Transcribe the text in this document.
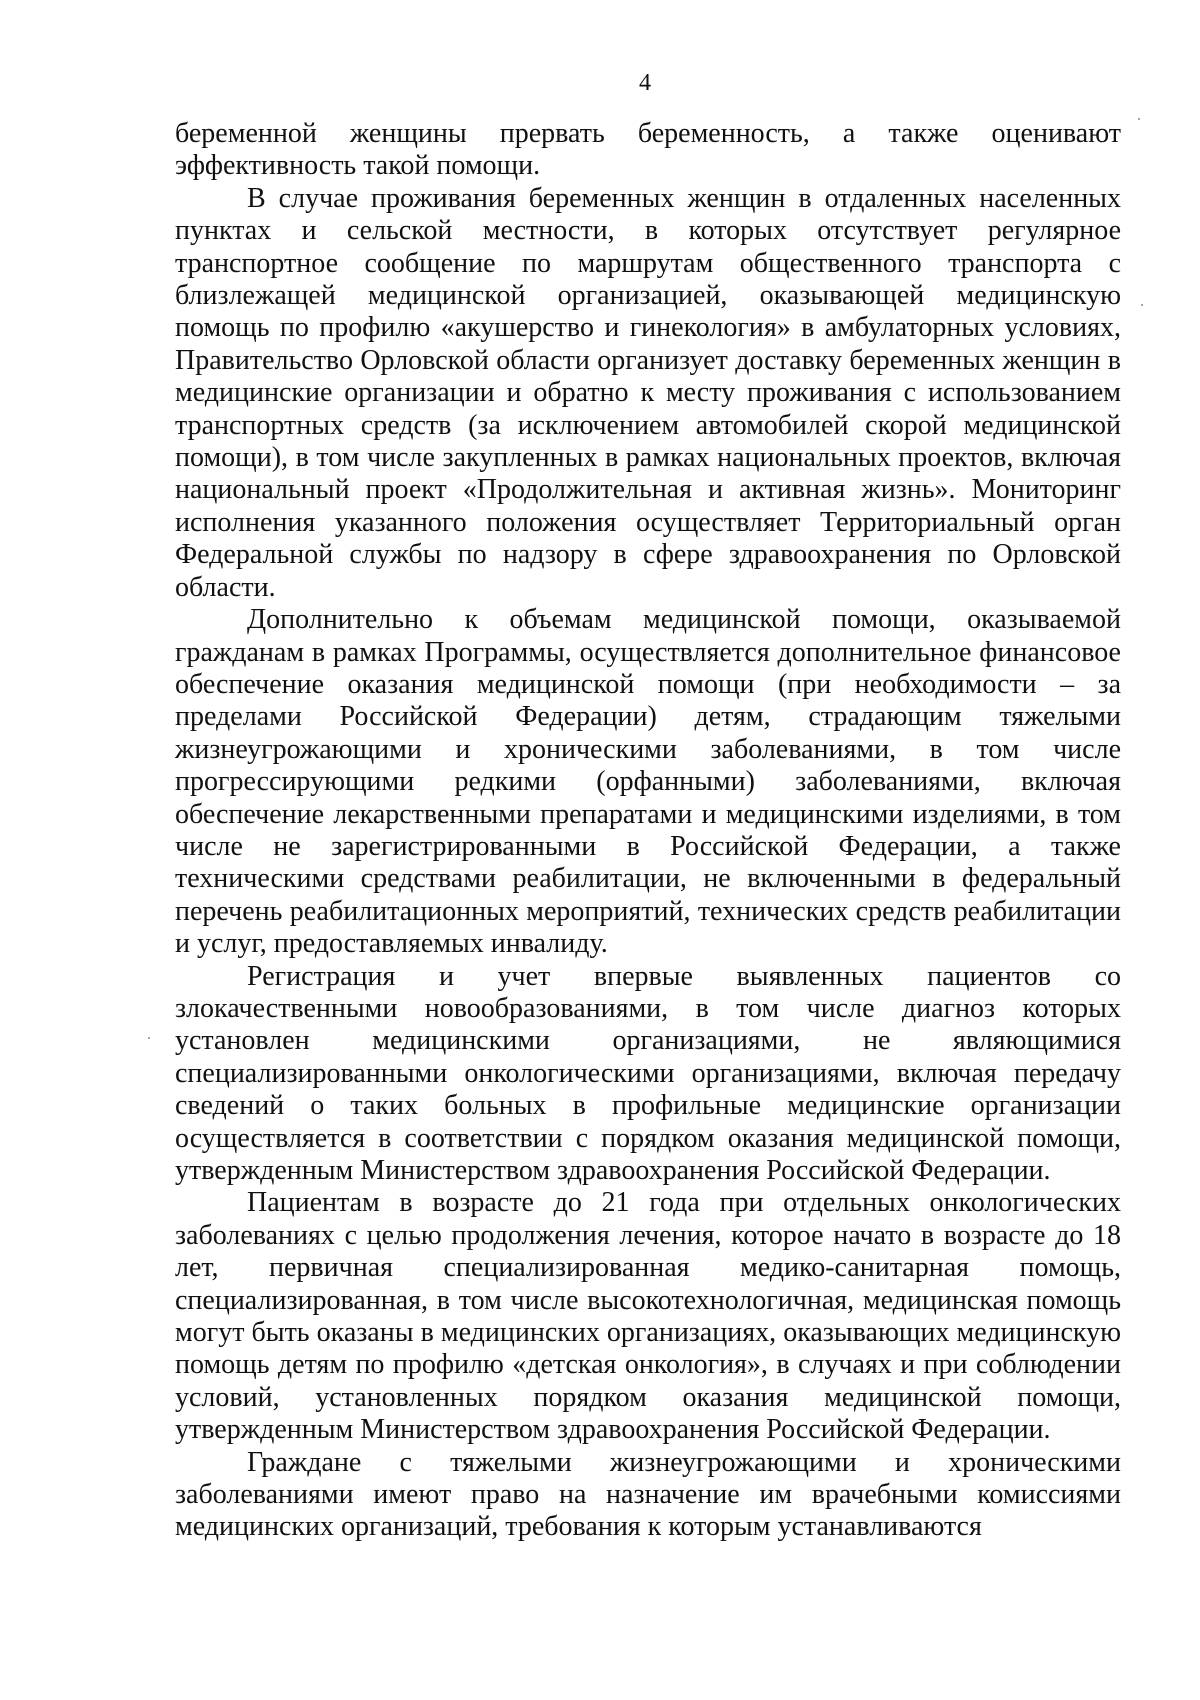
4

беременной женщины прервать беременность, а также оценивают эффективность такой помощи.

В случае проживания беременных женщин в отдаленных населенных пунктах и сельской местности, в которых отсутствует регулярное транспортное сообщение по маршрутам общественного транспорта с близлежащей медицинской организацией, оказывающей медицинскую помощь по профилю «акушерство и гинекология» в амбулаторных условиях, Правительство Орловской области организует доставку беременных женщин в медицинские организации и обратно к месту проживания с использованием транспортных средств (за исключением автомобилей скорой медицинской помощи), в том числе закупленных в рамках национальных проектов, включая национальный проект «Продолжительная и активная жизнь». Мониторинг исполнения указанного положения осуществляет Территориальный орган Федеральной службы по надзору в сфере здравоохранения по Орловской области.

Дополнительно к объемам медицинской помощи, оказываемой гражданам в рамках Программы, осуществляется дополнительное финансовое обеспечение оказания медицинской помощи (при необходимости – за пределами Российской Федерации) детям, страдающим тяжелыми жизнеугрожающими и хроническими заболеваниями, в том числе прогрессирующими редкими (орфанными) заболеваниями, включая обеспечение лекарственными препаратами и медицинскими изделиями, в том числе не зарегистрированными в Российской Федерации, а также техническими средствами реабилитации, не включенными в федеральный перечень реабилитационных мероприятий, технических средств реабилитации и услуг, предоставляемых инвалиду.

Регистрация и учет впервые выявленных пациентов со злокачественными новообразованиями, в том числе диагноз которых установлен медицинскими организациями, не являющимися специализированными онкологическими организациями, включая передачу сведений о таких больных в профильные медицинские организации осуществляется в соответствии с порядком оказания медицинской помощи, утвержденным Министерством здравоохранения Российской Федерации.

Пациентам в возрасте до 21 года при отдельных онкологических заболеваниях с целью продолжения лечения, которое начато в возрасте до 18 лет, первичная специализированная медико-санитарная помощь, специализированная, в том числе высокотехнологичная, медицинская помощь могут быть оказаны в медицинских организациях, оказывающих медицинскую помощь детям по профилю «детская онкология», в случаях и при соблюдении условий, установленных порядком оказания медицинской помощи, утвержденным Министерством здравоохранения Российской Федерации.

Граждане с тяжелыми жизнеугрожающими и хроническими заболеваниями имеют право на назначение им врачебными комиссиями медицинских организаций, требования к которым устанавливаются
